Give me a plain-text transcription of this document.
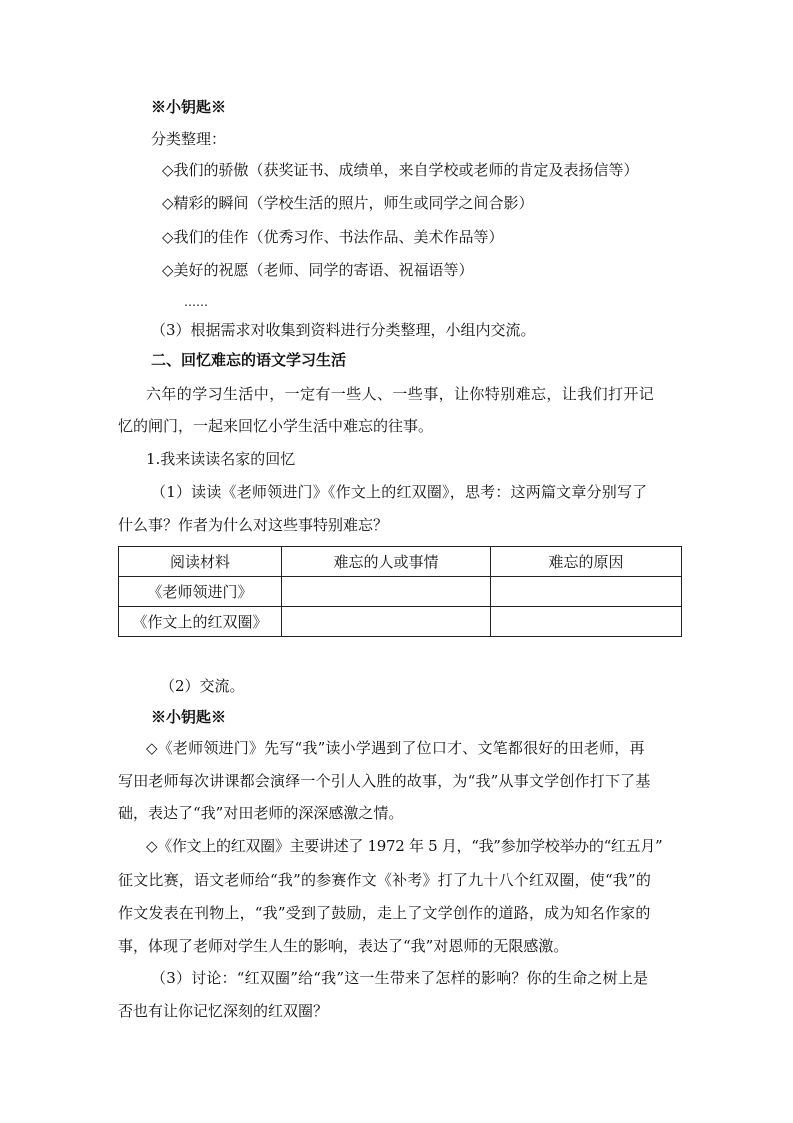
※小钥匙※
分类整理：
◇我们的骄傲（获奖证书、成绩单，来自学校或老师的肯定及表扬信等）
◇精彩的瞬间（学校生活的照片，师生或同学之间合影）
◇我们的佳作（优秀习作、书法作品、美术作品等）
◇美好的祝愿（老师、同学的寄语、祝福语等）
……
（3）根据需求对收集到资料进行分类整理，小组内交流。
二、回忆难忘的语文学习生活
六年的学习生活中，一定有一些人、一些事，让你特别难忘，让我们打开记
忆的闸门，一起来回忆小学生活中难忘的往事。
1.我来读读名家的回忆
（1）读读《老师领进门》《作文上的红双圈》，思考：这两篇文章分别写了
什么事？作者为什么对这些事特别难忘？
阅读材料	难忘的人或事情	难忘的原因
《老师领进门》		
《作文上的红双圈》		
（2）交流。
※小钥匙※
◇《老师领进门》先写“我”读小学遇到了位口才、文笔都很好的田老师，再
写田老师每次讲课都会演绎一个引人入胜的故事，为“我”从事文学创作打下了基
础，表达了“我”对田老师的深深感激之情。
◇《作文上的红双圈》主要讲述了 1972 年 5 月，“我”参加学校举办的“红五月”
征文比赛，语文老师给“我”的参赛作文《补考》打了九十八个红双圈，使“我”的
作文发表在刊物上，“我”受到了鼓励，走上了文学创作的道路，成为知名作家的
事，体现了老师对学生人生的影响，表达了“我”对恩师的无限感激。
（3）讨论：“红双圈”给“我”这一生带来了怎样的影响？你的生命之树上是
否也有让你记忆深刻的红双圈？
